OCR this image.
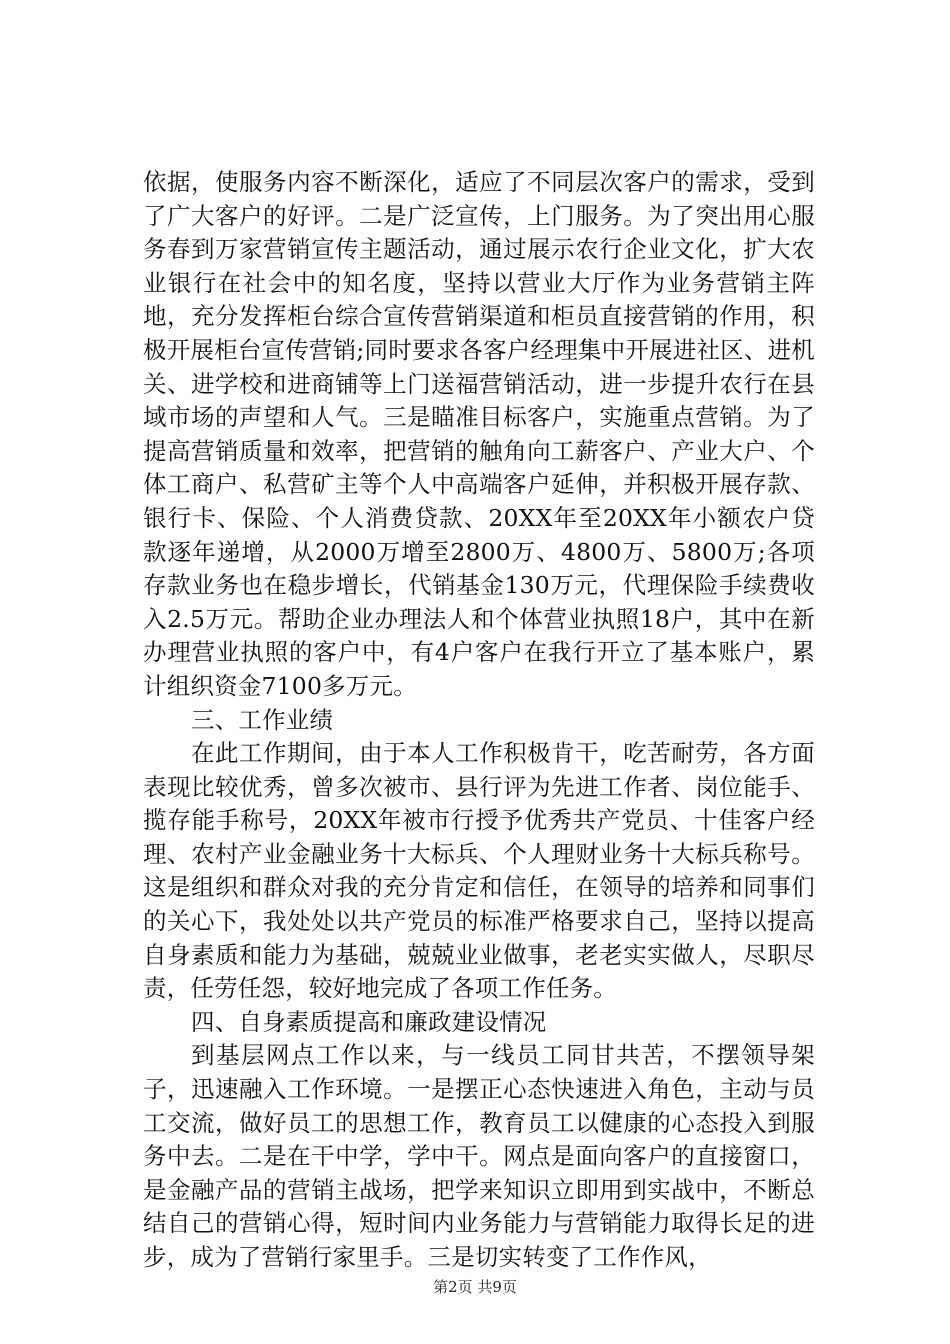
依据，使服务内容不断深化，适应了不同层次客户的需求，受到了广大客户的好评。二是广泛宣传，上门服务。为了突出用心服务春到万家营销宣传主题活动，通过展示农行企业文化，扩大农业银行在社会中的知名度，坚持以营业大厅作为业务营销主阵地，充分发挥柜台综合宣传营销渠道和柜员直接营销的作用，积极开展柜台宣传营销;同时要求各客户经理集中开展进社区、进机关、进学校和进商铺等上门送福营销活动，进一步提升农行在县域市场的声望和人气。三是瞄准目标客户，实施重点营销。为了提高营销质量和效率，把营销的触角向工薪客户、产业大户、个体工商户、私营矿主等个人中高端客户延伸，并积极开展存款、银行卡、保险、个人消费贷款、20XX年至20XX年小额农户贷款逐年递增，从2000万增至2800万、4800万、5800万;各项存款业务也在稳步增长，代销基金130万元，代理保险手续费收入2.5万元。帮助企业办理法人和个体营业执照18户，其中在新办理营业执照的客户中，有4户客户在我行开立了基本账户，累计组织资金7100多万元。

三、工作业绩

在此工作期间，由于本人工作积极肯干，吃苦耐劳，各方面表现比较优秀，曾多次被市、县行评为先进工作者、岗位能手、揽存能手称号，20XX年被市行授予优秀共产党员、十佳客户经理、农村产业金融业务十大标兵、个人理财业务十大标兵称号。这是组织和群众对我的充分肯定和信任，在领导的培养和同事们的关心下，我处处以共产党员的标准严格要求自己，坚持以提高自身素质和能力为基础，兢兢业业做事，老老实实做人，尽职尽责，任劳任怨，较好地完成了各项工作任务。

四、自身素质提高和廉政建设情况

到基层网点工作以来，与一线员工同甘共苦，不摆领导架子，迅速融入工作环境。一是摆正心态快速进入角色，主动与员工交流，做好员工的思想工作，教育员工以健康的心态投入到服务中去。二是在干中学，学中干。网点是面向客户的直接窗口，是金融产品的营销主战场，把学来知识立即用到实战中，不断总结自己的营销心得，短时间内业务能力与营销能力取得长足的进步，成为了营销行家里手。三是切实转变了工作作风，

第2页 共9页
